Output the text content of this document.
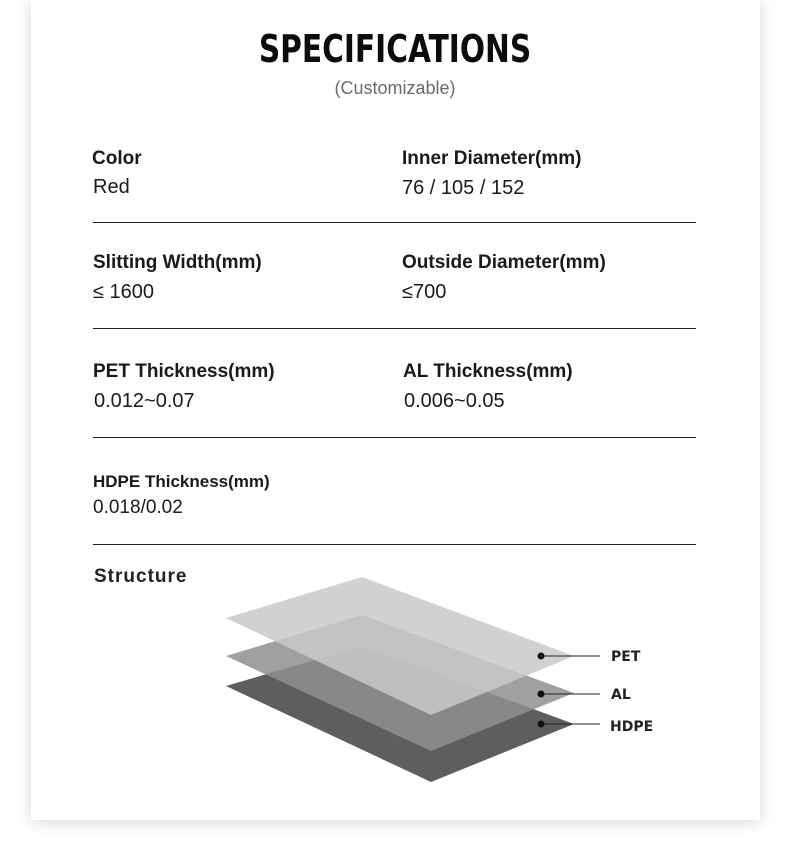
SPECIFICATIONS
(Customizable)
Color
Red
Inner Diameter(mm)
76 / 105 / 152
Slitting Width(mm)
≤ 1600
Outside Diameter(mm)
≤700
PET Thickness(mm)
0.012~0.07
AL Thickness(mm)
0.006~0.05
HDPE Thickness(mm)
0.018/0.02
Structure
PET
AL
HDPE
